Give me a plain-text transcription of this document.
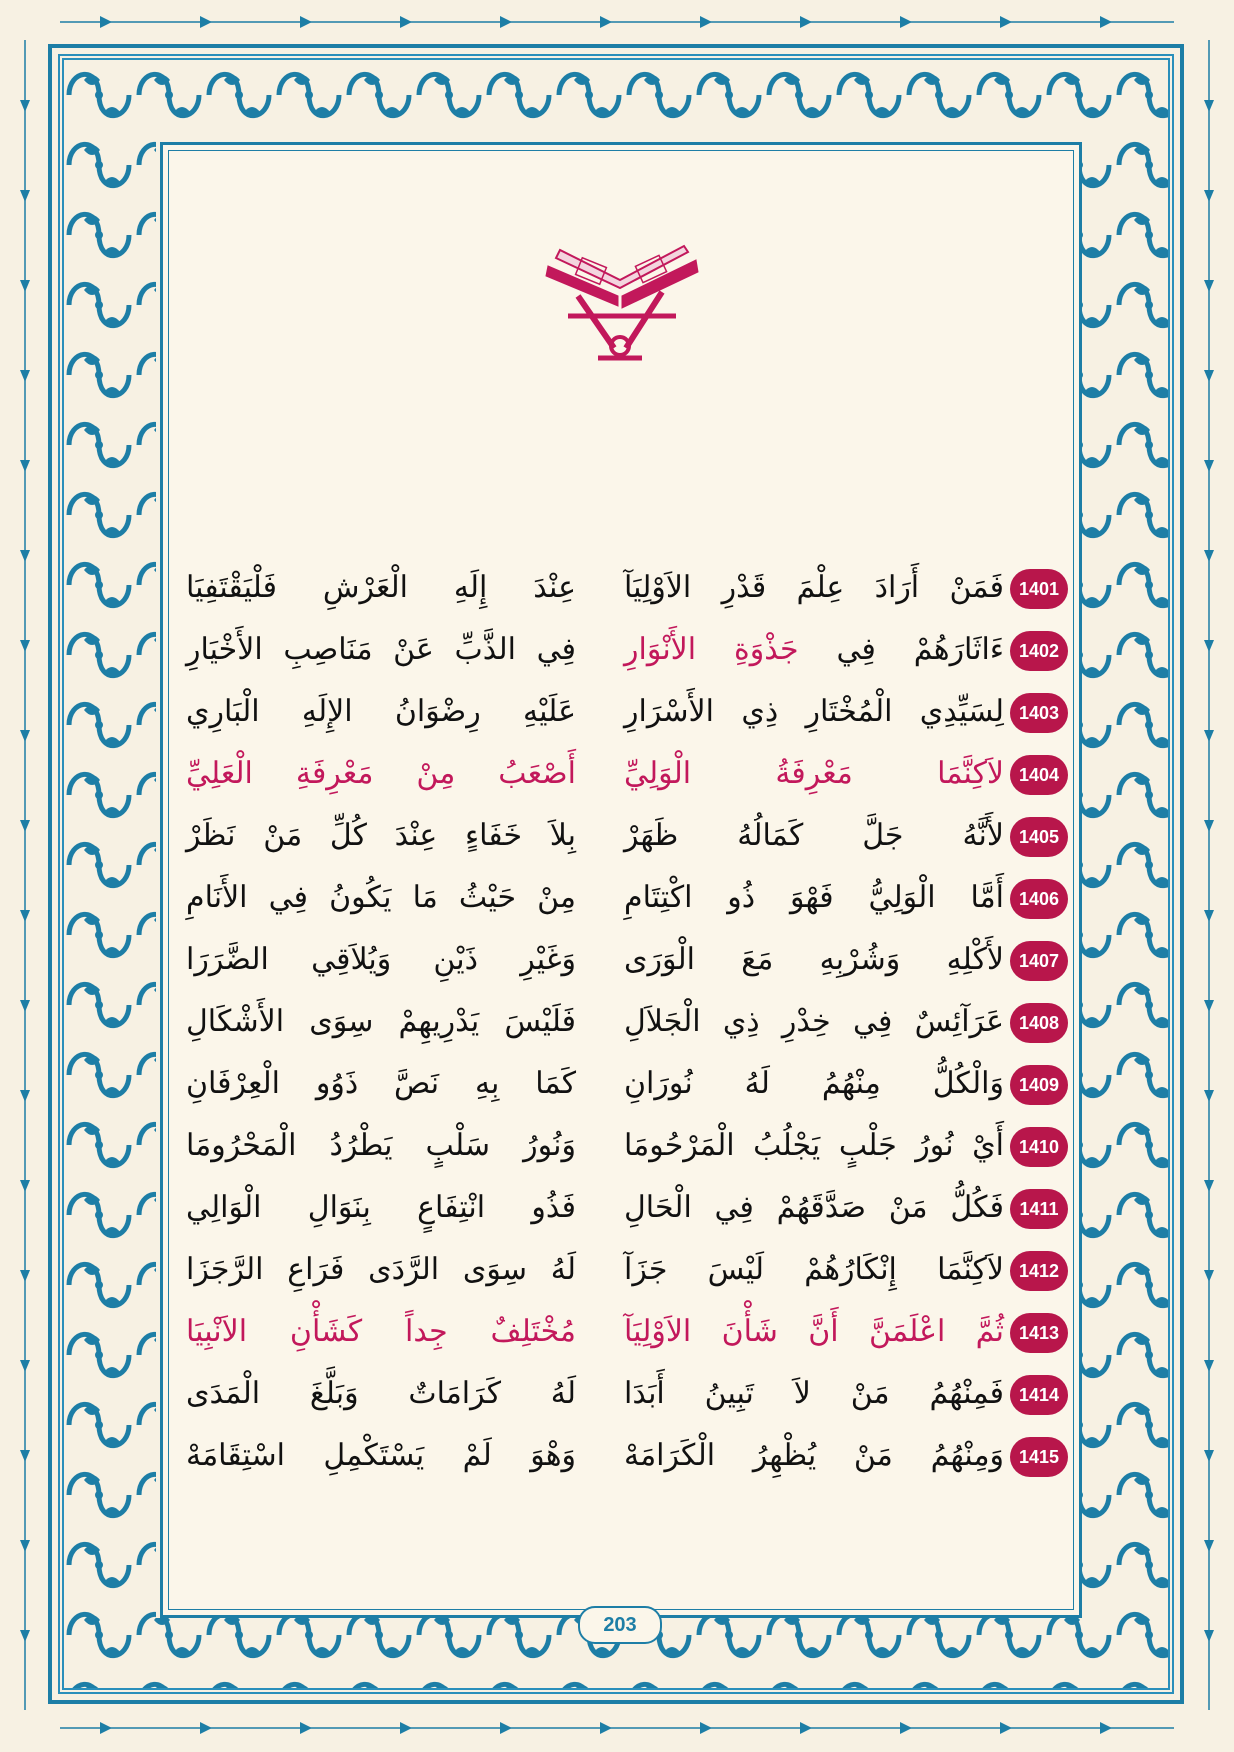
1401
فَمَنْ أَرَادَ عِلْمَ قَدْرِ الاَوْلِيَآ
عِنْدَ إِلَهِ الْعَرْشِ فَلْيَقْتَفِيَا
1402
ءَاثَارَهُمْ فِي جَذْوَةِ الأَنْوَارِ
فِي الذَّبِّ عَنْ مَنَاصِبِ الأَخْيَارِ
1403
لِسَيِّدِي الْمُخْتَارِ ذِي الأَسْرَارِ
عَلَيْهِ رِضْوَانُ الإِلَهِ الْبَارِي
1404
لاَكِنَّمَا مَعْرِفَةُ الْوَلِيِّ
أَصْعَبُ مِنْ مَعْرِفَةِ الْعَلِيِّ
1405
لأَنَّهُ جَلَّ كَمَالُهُ ظَهَرْ
بِلاَ خَفَاءٍ عِنْدَ كُلِّ مَنْ نَظَرْ
1406
أَمَّا الْوَلِيُّ فَهْوَ ذُو اكْتِتَامِ
مِنْ حَيْثُ مَا يَكُونُ فِي الأَنَامِ
1407
لأَكْلِهِ وَشُرْبِهِ مَعَ الْوَرَى
وَغَيْرِ ذَيْنِ وَيُلاَقِي الضَّرَرَا
1408
عَرَآئِسٌ فِي خِدْرِ ذِي الْجَلاَلِ
فَلَيْسَ يَدْرِيهِمْ سِوَى الأَشْكَالِ
1409
وَالْكُلُّ مِنْهُمُ لَهُ نُورَانِ
كَمَا بِهِ نَصَّ ذَوُو الْعِرْفَانِ
1410
أَيْ نُورُ جَلْبٍ يَجْلُبُ الْمَرْحُومَا
وَنُورُ سَلْبٍ يَطْرُدُ الْمَحْرُومَا
1411
فَكُلُّ مَنْ صَدَّقَهُمْ فِي الْحَالِ
فَذُو انْتِفَاعٍ بِنَوَالِ الْوَالِي
1412
لاَكِنَّمَا إِنْكَارُهُمْ لَيْسَ جَزَآ
لَهُ سِوَى الرَّدَى فَرَاعِ الرَّجَزَا
1413
ثُمَّ اعْلَمَنَّ أَنَّ شَأْنَ الاَوْلِيَآ
مُخْتَلِفٌ جِداً كَشَأْنِ الاَنْبِيَا
1414
فَمِنْهُمُ مَنْ لاَ تَبِينُ أَبَدَا
لَهُ كَرَامَاتٌ وَبَلَّغَ الْمَدَى
1415
وَمِنْهُمُ مَنْ يُظْهِرُ الْكَرَامَهْ
وَهْوَ لَمْ يَسْتَكْمِلِ اسْتِقَامَهْ
203
